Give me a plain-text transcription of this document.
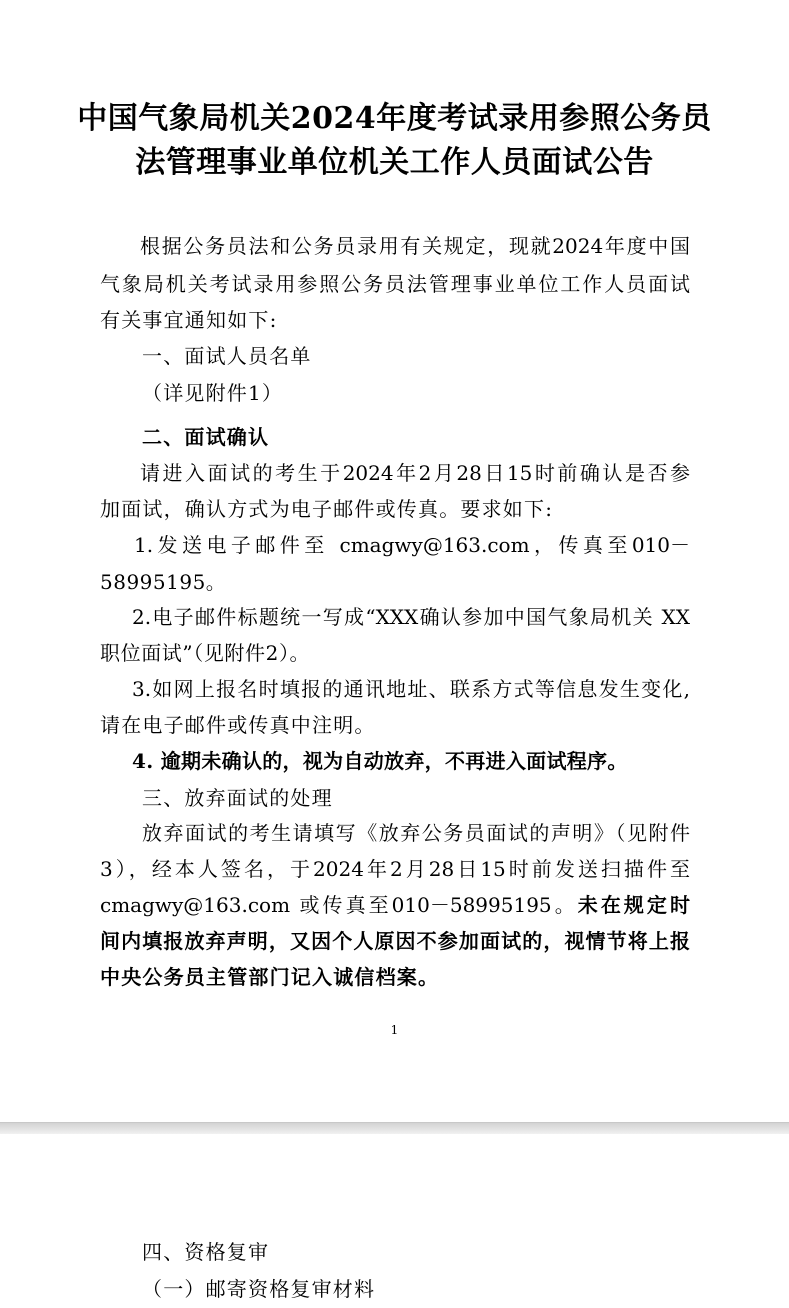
中国气象局机关2024年度考试录用参照公务员
法管理事业单位机关工作人员面试公告
根据公务员法和公务员录用有关规定，现就2024年度中国
气象局机关考试录用参照公务员法管理事业单位工作人员面试
有关事宜通知如下:
一、面试人员名单
（详见附件1）
二、面试确认
请进入面试的考生于2024年2月28日15时前确认是否参
加面试，确认方式为电子邮件或传真。要求如下:
1.发送电子邮件至 cmagwy@163.com，传真至010－
58995195。
2.电子邮件标题统一写成“XXX确认参加中国气象局机关 XX
职位面试”（见附件2）。
3.如网上报名时填报的通讯地址、联系方式等信息发生变化,
请在电子邮件或传真中注明。
4. 逾期未确认的，视为自动放弃，不再进入面试程序。
三、放弃面试的处理
放弃面试的考生请填写《放弃公务员面试的声明》（见附件
3），经本人签名，于2024年2月28日15时前发送扫描件至
cmagwy@163.com 或传真至010－58995195。未在规定时
间内填报放弃声明，又因个人原因不参加面试的，视情节将上报
中央公务员主管部门记入诚信档案。
1
四、资格复审
（一）邮寄资格复审材料
